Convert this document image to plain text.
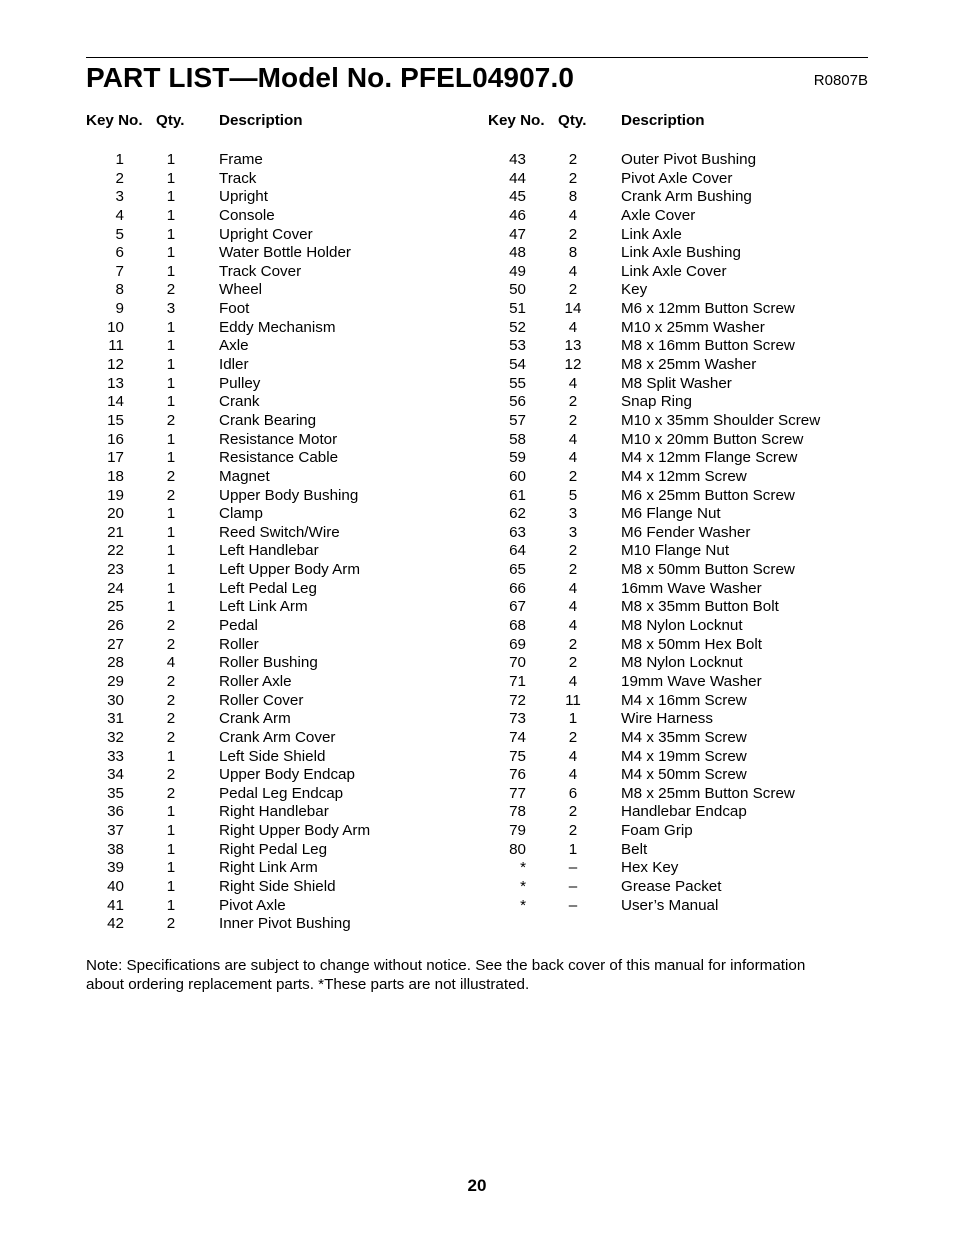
PART LIST—Model No. PFEL04907.0	R0807B
Key No. Qty. Description
1	1	Frame
2	1	Track
3	1	Upright
4	1	Console
5	1	Upright Cover
6	1	Water Bottle Holder
7	1	Track Cover
8	2	Wheel
9	3	Foot
10	1	Eddy Mechanism
11	1	Axle
12	1	Idler
13	1	Pulley
14	1	Crank
15	2	Crank Bearing
16	1	Resistance Motor
17	1	Resistance Cable
18	2	Magnet
19	2	Upper Body Bushing
20	1	Clamp
21	1	Reed Switch/Wire
22	1	Left Handlebar
23	1	Left Upper Body Arm
24	1	Left Pedal Leg
25	1	Left Link Arm
26	2	Pedal
27	2	Roller
28	4	Roller Bushing
29	2	Roller Axle
30	2	Roller Cover
31	2	Crank Arm
32	2	Crank Arm Cover
33	1	Left Side Shield
34	2	Upper Body Endcap
35	2	Pedal Leg Endcap
36	1	Right Handlebar
37	1	Right Upper Body Arm
38	1	Right Pedal Leg
39	1	Right Link Arm
40	1	Right Side Shield
41	1	Pivot Axle
42	2	Inner Pivot Bushing
Key No. Qty. Description
43	2	Outer Pivot Bushing
44	2	Pivot Axle Cover
45	8	Crank Arm Bushing
46	4	Axle Cover
47	2	Link Axle
48	8	Link Axle Bushing
49	4	Link Axle Cover
50	2	Key
51	14	M6 x 12mm Button Screw
52	4	M10 x 25mm Washer
53	13	M8 x 16mm Button Screw
54	12	M8 x 25mm Washer
55	4	M8 Split Washer
56	2	Snap Ring
57	2	M10 x 35mm Shoulder Screw
58	4	M10 x 20mm Button Screw
59	4	M4 x 12mm Flange Screw
60	2	M4 x 12mm Screw
61	5	M6 x 25mm Button Screw
62	3	M6 Flange Nut
63	3	M6 Fender Washer
64	2	M10 Flange Nut
65	2	M8 x 50mm Button Screw
66	4	16mm Wave Washer
67	4	M8 x 35mm Button Bolt
68	4	M8 Nylon Locknut
69	2	M8 x 50mm Hex Bolt
70	2	M8 Nylon Locknut
71	4	19mm Wave Washer
72	11	M4 x 16mm Screw
73	1	Wire Harness
74	2	M4 x 35mm Screw
75	4	M4 x 19mm Screw
76	4	M4 x 50mm Screw
77	6	M8 x 25mm Button Screw
78	2	Handlebar Endcap
79	2	Foam Grip
80	1	Belt
*	–	Hex Key
*	–	Grease Packet
*	–	User’s Manual

Note: Specifications are subject to change without notice. See the back cover of this manual for information about ordering replacement parts. *These parts are not illustrated.

20
